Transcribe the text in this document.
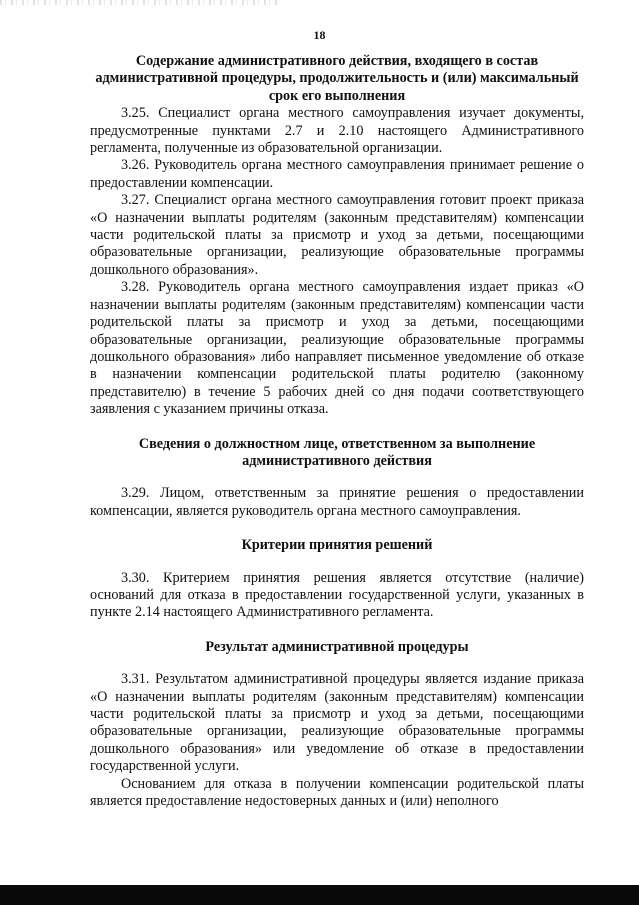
18

Содержание административного действия, входящего в состав административной процедуры, продолжительность и (или) максимальный срок его выполнения

3.25. Специалист органа местного самоуправления изучает документы, предусмотренные пунктами 2.7 и 2.10 настоящего Административного регламента, полученные из образовательной организации.

3.26. Руководитель органа местного самоуправления принимает решение о предоставлении компенсации.

3.27. Специалист органа местного самоуправления готовит проект приказа «О назначении выплаты родителям (законным представителям) компенсации части родительской платы за присмотр и уход за детьми, посещающими образовательные организации, реализующие образовательные программы дошкольного образования».

3.28. Руководитель органа местного самоуправления издает приказ «О назначении выплаты родителям (законным представителям) компенсации части родительской платы за присмотр и уход за детьми, посещающими образовательные организации, реализующие образовательные программы дошкольного образования» либо направляет письменное уведомление об отказе в назначении компенсации родительской платы родителю (законному представителю) в течение 5 рабочих дней со дня подачи соответствующего заявления с указанием причины отказа.

Сведения о должностном лице, ответственном за выполнение административного действия

3.29. Лицом, ответственным за принятие решения о предоставлении компенсации, является руководитель органа местного самоуправления.

Критерии принятия решений

3.30. Критерием принятия решения является отсутствие (наличие) оснований для отказа в предоставлении государственной услуги, указанных в пункте 2.14 настоящего Административного регламента.

Результат административной процедуры

3.31. Результатом административной процедуры является издание приказа «О назначении выплаты родителям (законным представителям) компенсации части родительской платы за присмотр и уход за детьми, посещающими образовательные организации, реализующие образовательные программы дошкольного образования» или уведомление об отказе в предоставлении государственной услуги.

Основанием для отказа в получении компенсации родительской платы является предоставление недостоверных данных и (или) неполного
